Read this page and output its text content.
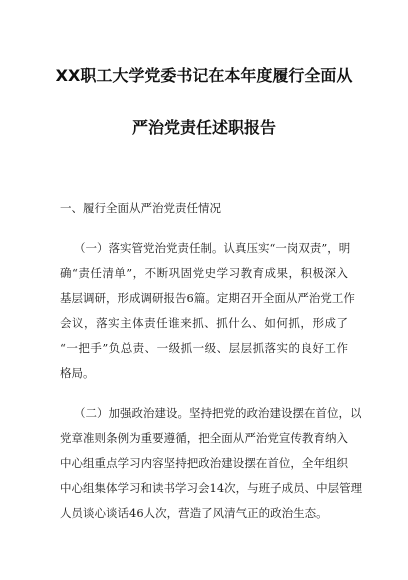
XX职工大学党委书记在本年度履行全面从
严治党责任述职报告
一、履行全面从严治党责任情况
（一）落实管党治党责任制。认真压实“一岗双责”，明
确“责任清单”，不断巩固党史学习教育成果，积极深入
基层调研，形成调研报告6篇。定期召开全面从严治党工作
会议，落实主体责任谁来抓、抓什么、如何抓，形成了
“一把手”负总责、一级抓一级、层层抓落实的良好工作
格局。
（二）加强政治建设。坚持把党的政治建设摆在首位，以
党章准则条例为重要遵循，把全面从严治党宣传教育纳入
中心组重点学习内容坚持把政治建设摆在首位，全年组织
中心组集体学习和读书学习会14次，与班子成员、中层管理
人员谈心谈话46人次，营造了风清气正的政治生态。
